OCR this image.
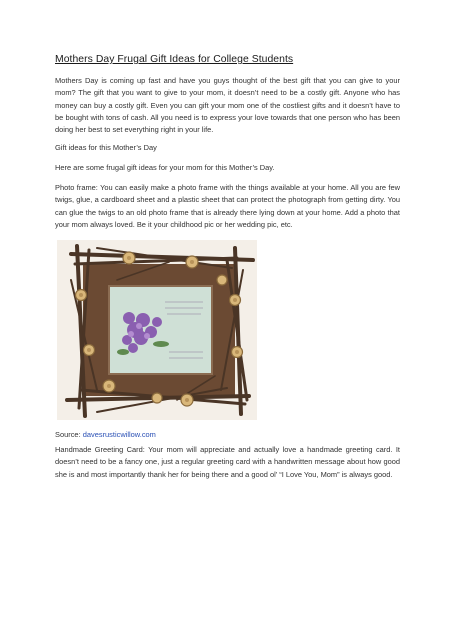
Mothers Day Frugal Gift Ideas for College Students

Mothers Day is coming up fast and have you guys thought of the best gift that you can give to your mom? The gift that you want to give to your mom, it doesn’t need to be a costly gift. Anyone who has money can buy a costly gift. Even you can gift your mom one of the costliest gifts and it doesn’t have to be bought with tons of cash. All you need is to express your love towards that one person who has been doing her best to set everything right in your life.

Gift ideas for this Mother’s Day

Here are some frugal gift ideas for your mom for this Mother’s Day.

Photo frame: You can easily make a photo frame with the things available at your home. All you are few twigs, glue, a cardboard sheet and a plastic sheet that can protect the photograph from getting dirty. You can glue the twigs to an old photo frame that is already there lying down at your home. Add a photo that your mom always loved. Be it your childhood pic or her wedding pic, etc.

Source: davesrusticwillow.com

Handmade Greeting Card: Your mom will appreciate and actually love a handmade greeting card. It doesn’t need to be a fancy one, just a regular greeting card with a handwritten message about how good she is and most importantly thank her for being there and a good ol’ “I Love You, Mom” is always good.
